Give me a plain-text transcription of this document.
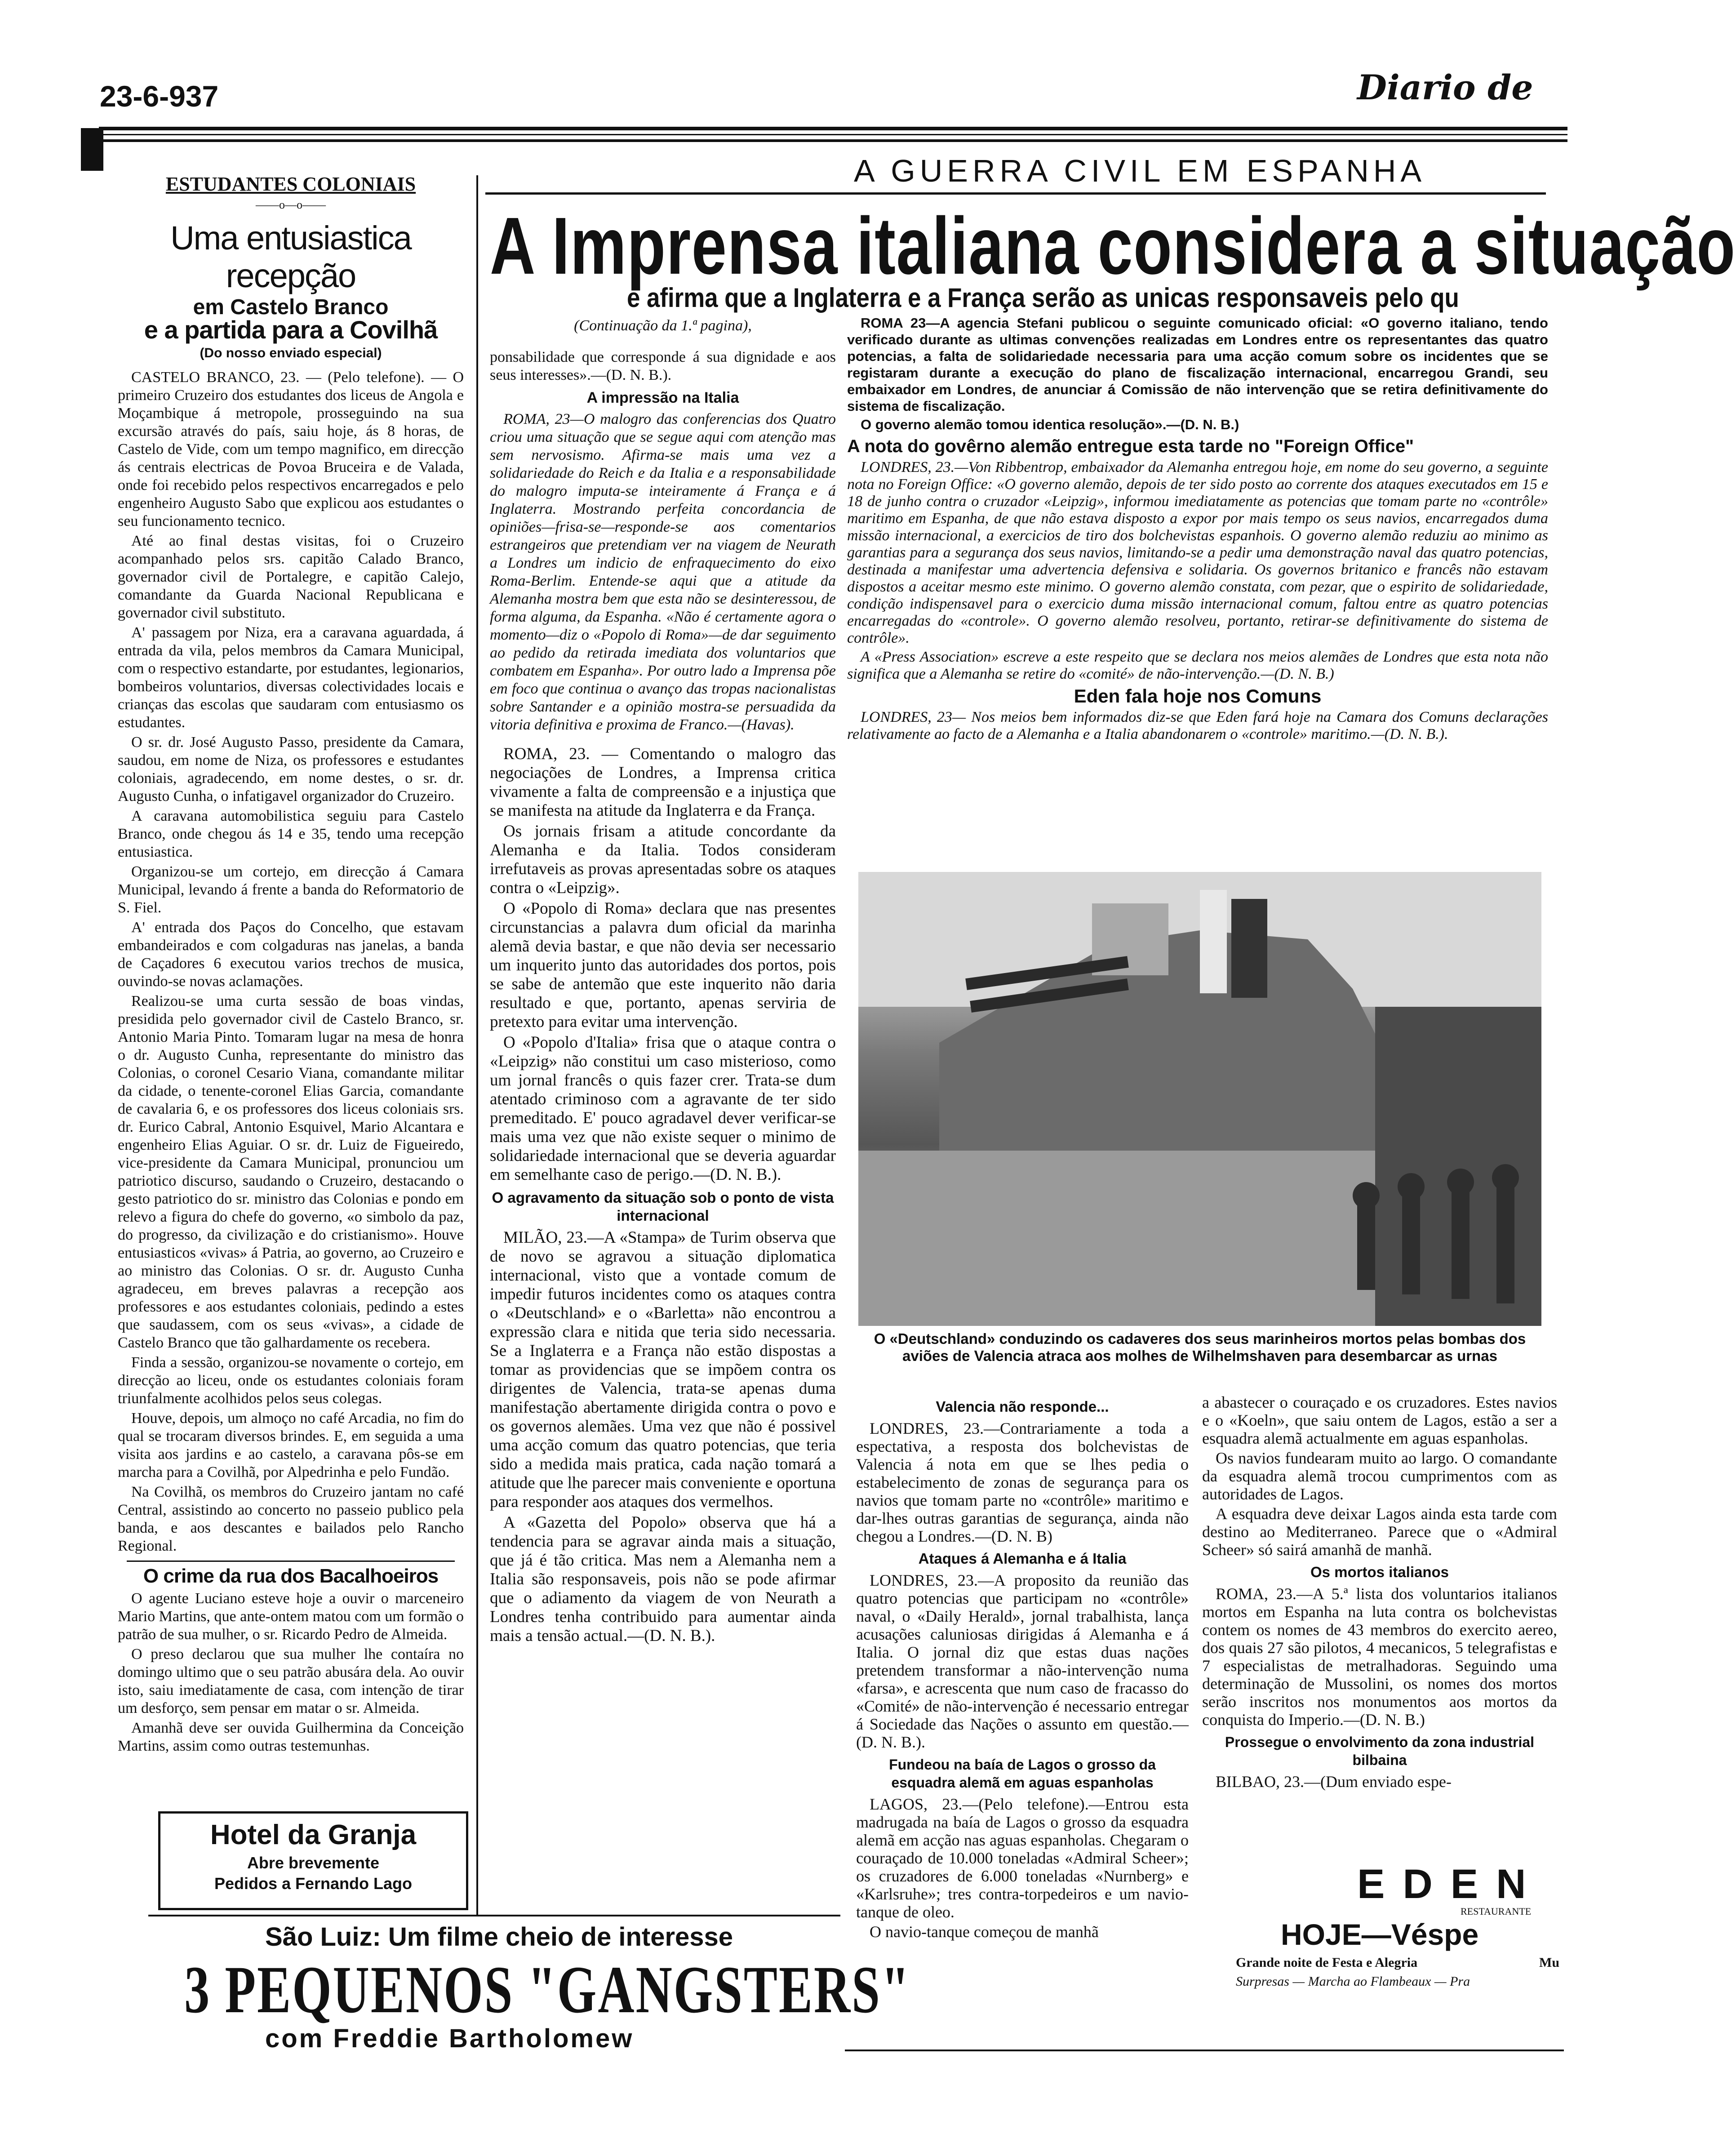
23-6-937	Diario de
ESTUDANTES COLONIAIS
——o—o——
Uma entusiastica recepção
em Castelo Branco
e a partida para a Covilhã
(Do nosso enviado especial)

CASTELO BRANCO, 23. — (Pelo telefone). — O primeiro Cruzeiro dos estudantes dos liceus de Angola e Moçambique á metropole, prosseguindo na sua excursão através do país, saiu hoje, ás 8 horas, de Castelo de Vide, com um tempo magnifico, em direcção ás centrais electricas de Povoa Bruceira e de Valada, onde foi recebido pelos respectivos encarregados e pelo engenheiro Augusto Sabo que explicou aos estudantes o seu funcionamento tecnico.

Até ao final destas visitas, foi o Cruzeiro acompanhado pelos srs. capitão Calado Branco, governador civil de Portalegre, e capitão Calejo, comandante da Guarda Nacional Republicana e governador civil substituto.

A' passagem por Niza, era a caravana aguardada, á entrada da vila, pelos membros da Camara Municipal, com o respectivo estandarte, por estudantes, legionarios, bombeiros voluntarios, diversas colectividades locais e crianças das escolas que saudaram com entusiasmo os estudantes.

O sr. dr. José Augusto Passo, presidente da Camara, saudou, em nome de Niza, os professores e estudantes coloniais, agradecendo, em nome destes, o sr. dr. Augusto Cunha, o infatigavel organizador do Cruzeiro.

A caravana automobilistica seguiu para Castelo Branco, onde chegou ás 14 e 35, tendo uma recepção entusiastica.

Organizou-se um cortejo, em direcção á Camara Municipal, levando á frente a banda do Reformatorio de S. Fiel.

A' entrada dos Paços do Concelho, que estavam embandeirados e com colgaduras nas janelas, a banda de Caçadores 6 executou varios trechos de musica, ouvindo-se novas aclamações.

Realizou-se uma curta sessão de boas vindas, presidida pelo governador civil de Castelo Branco, sr. Antonio Maria Pinto. Tomaram lugar na mesa de honra o dr. Augusto Cunha, representante do ministro das Colonias, o coronel Cesario Viana, comandante militar da cidade, o tenente-coronel Elias Garcia, comandante de cavalaria 6, e os professores dos liceus coloniais srs. dr. Eurico Cabral, Antonio Esquivel, Mario Alcantara e engenheiro Elias Aguiar. O sr. dr. Luiz de Figueiredo, vice-presidente da Camara Municipal, pronunciou um patriotico discurso, saudando o Cruzeiro, destacando o gesto patriotico do sr. ministro das Colonias e pondo em relevo a figura do chefe do governo, «o simbolo da paz, do progresso, da civilização e do cristianismo». Houve entusiasticos «vivas» á Patria, ao governo, ao Cruzeiro e ao ministro das Colonias. O sr. dr. Augusto Cunha agradeceu, em breves palavras a recepção aos professores e aos estudantes coloniais, pedindo a estes que saudassem, com os seus «vivas», a cidade de Castelo Branco que tão galhardamente os recebera.

Finda a sessão, organizou-se novamente o cortejo, em direcção ao liceu, onde os estudantes coloniais foram triunfalmente acolhidos pelos seus colegas.

Houve, depois, um almoço no café Arcadia, no fim do qual se trocaram diversos brindes. E, em seguida a uma visita aos jardins e ao castelo, a caravana pôs-se em marcha para a Covilhã, por Alpedrinha e pelo Fundão.

Na Covilhã, os membros do Cruzeiro jantam no café Central, assistindo ao concerto no passeio publico pela banda, e aos descantes e bailados pelo Rancho Regional.

O crime da rua dos Bacalhoeiros

O agente Luciano esteve hoje a ouvir o marceneiro Mario Martins, que ante-ontem matou com um formão o patrão de sua mulher, o sr. Ricardo Pedro de Almeida.

O preso declarou que sua mulher lhe contaíra no domingo ultimo que o seu patrão abusára dela. Ao ouvir isto, saiu imediatamente de casa, com intenção de tirar um desforço, sem pensar em matar o sr. Almeida.

Amanhã deve ser ouvida Guilhermina da Conceição Martins, assim como outras testemunhas.

Hotel da Granja
Abre brevemente
Pedidos a Fernando Lago
A GUERRA CIVIL EM ESPANHA
A Imprensa italiana considera a situação
e afirma que a Inglaterra e a França serão as unicas responsaveis pelo qu
(Continuação da 1.ª pagina),

ponsabilidade que corresponde á sua dignidade e aos seus interesses».—(D. N. B.).

A impressão na Italia

ROMA, 23—O malogro das conferencias dos Quatro criou uma situação que se segue aqui com atenção mas sem nervosismo. Afirma-se mais uma vez a solidariedade do Reich e da Italia e a responsabilidade do malogro imputa-se inteiramente á França e á Inglaterra. Mostrando perfeita concordancia de opiniões—frisa-se—responde-se aos comentarios estrangeiros que pretendiam ver na viagem de Neurath a Londres um indicio de enfraquecimento do eixo Roma-Berlim. Entende-se aqui que a atitude da Alemanha mostra bem que esta não se desinteressou, de forma alguma, da Espanha. «Não é certamente agora o momento—diz o «Popolo di Roma»—de dar seguimento ao pedido da retirada imediata dos voluntarios que combatem em Espanha». Por outro lado a Imprensa põe em foco que continua o avanço das tropas nacionalistas sobre Santander e a opinião mostra-se persuadida da vitoria definitiva e proxima de Franco.—(Havas).

ROMA, 23. — Comentando o malogro das negociações de Londres, a Imprensa critica vivamente a falta de compreensão e a injustiça que se manifesta na atitude da Inglaterra e da França.

Os jornais frisam a atitude concordante da Alemanha e da Italia. Todos consideram irrefutaveis as provas apresentadas sobre os ataques contra o «Leipzig».

O «Popolo di Roma» declara que nas presentes circunstancias a palavra dum oficial da marinha alemã devia bastar, e que não devia ser necessario um inquerito junto das autoridades dos portos, pois se sabe de antemão que este inquerito não daria resultado e que, portanto, apenas serviria de pretexto para evitar uma intervenção.

O «Popolo d'Italia» frisa que o ataque contra o «Leipzig» não constitui um caso misterioso, como um jornal francês o quis fazer crer. Trata-se dum atentado criminoso com a agravante de ter sido premeditado. E' pouco agradavel dever verificar-se mais uma vez que não existe sequer o minimo de solidariedade internacional que se deveria aguardar em semelhante caso de perigo.—(D. N. B.).

O agravamento da situação sob o ponto de vista internacional

MILÃO, 23.—A «Stampa» de Turim observa que de novo se agravou a situação diplomatica internacional, visto que a vontade comum de impedir futuros incidentes como os ataques contra o «Deutschland» e o «Barletta» não encontrou a expressão clara e nitida que teria sido necessaria. Se a Inglaterra e a França não estão dispostas a tomar as providencias que se impõem contra os dirigentes de Valencia, trata-se apenas duma manifestação abertamente dirigida contra o povo e os governos alemães. Uma vez que não é possivel uma acção comum das quatro potencias, que teria sido a medida mais pratica, cada nação tomará a atitude que lhe parecer mais conveniente e oportuna para responder aos ataques dos vermelhos.

A «Gazetta del Popolo» observa que há a tendencia para se agravar ainda mais a situação, que já é tão critica. Mas nem a Alemanha nem a Italia são responsaveis, pois não se pode afirmar que o adiamento da viagem de von Neurath a Londres tenha contribuido para aumentar ainda mais a tensão actual.—(D. N. B.).

ROMA 23—A agencia Stefani publicou o seguinte comunicado oficial: «O governo italiano, tendo verificado durante as ultimas convenções realizadas em Londres entre os representantes das quatro potencias, a falta de solidariedade necessaria para uma acção comum sobre os incidentes que se registaram durante a execução do plano de fiscalização internacional, encarregou Grandi, seu embaixador em Londres, de anunciar á Comissão de não intervenção que se retira definitivamente do sistema de fiscalização.

O governo alemão tomou identica resolução».—(D. N. B.)

A nota do govêrno alemão entregue esta tarde no "Foreign Office"

LONDRES, 23.—Von Ribbentrop, embaixador da Alemanha entregou hoje, em nome do seu governo, a seguinte nota no Foreign Office: «O governo alemão, depois de ter sido posto ao corrente dos ataques executados em 15 e 18 de junho contra o cruzador «Leipzig», informou imediatamente as potencias que tomam parte no «contrôle» maritimo em Espanha, de que não estava disposto a expor por mais tempo os seus navios, encarregados duma missão internacional, a exercicios de tiro dos bolchevistas espanhois. O governo alemão reduziu ao minimo as garantias para a segurança dos seus navios, limitando-se a pedir uma demonstração naval das quatro potencias, destinada a manifestar uma advertencia defensiva e solidaria. Os governos britanico e francês não estavam dispostos a aceitar mesmo este minimo. O governo alemão constata, com pezar, que o espirito de solidariedade, condição indispensavel para o exercicio duma missão internacional comum, faltou entre as quatro potencias encarregadas do «controle». O governo alemão resolveu, portanto, retirar-se definitivamente do sistema de contrôle».

A «Press Association» escreve a este respeito que se declara nos meios alemães de Londres que esta nota não significa que a Alemanha se retire do «comité» de não-intervenção.—(D. N. B.)

Eden fala hoje nos Comuns

LONDRES, 23— Nos meios bem informados diz-se que Eden fará hoje na Camara dos Comuns declarações relativamente ao facto de a Alemanha e a Italia abandonarem o «controle» maritimo.—(D. N. B.).

O «Deutschland» conduzindo os cadaveres dos seus marinheiros mortos pelas bombas dos aviões de Valencia atraca aos molhes de Wilhelmshaven para desembarcar as urnas
Valencia não responde...

LONDRES, 23.—Contrariamente a toda a espectativa, a resposta dos bolchevistas de Valencia á nota em que se lhes pedia o estabelecimento de zonas de segurança para os navios que tomam parte no «contrôle» maritimo e dar-lhes outras garantias de segurança, ainda não chegou a Londres.—(D. N. B)

Ataques á Alemanha e á Italia

LONDRES, 23.—A proposito da reunião das quatro potencias que participam no «contrôle» naval, o «Daily Herald», jornal trabalhista, lança acusações caluniosas dirigidas á Alemanha e á Italia. O jornal diz que estas duas nações pretendem transformar a não-intervenção numa «farsa», e acrescenta que num caso de fracasso do «Comité» de não-intervenção é necessario entregar á Sociedade das Nações o assunto em questão.—(D. N. B.).

Fundeou na baía de Lagos o grosso da esquadra alemã em aguas espanholas

LAGOS, 23.—(Pelo telefone).—Entrou esta madrugada na baía de Lagos o grosso da esquadra alemã em acção nas aguas espanholas. Chegaram o couraçado de 10.000 toneladas «Admiral Scheer»; os cruzadores de 6.000 toneladas «Nurnberg» e «Karlsruhe»; tres contra-torpedeiros e um navio-tanque de oleo.

O navio-tanque começou de manhã

a abastecer o couraçado e os cruzadores. Estes navios e o «Koeln», que saiu ontem de Lagos, estão a ser a esquadra alemã actualmente em aguas espanholas.

Os navios fundearam muito ao largo. O comandante da esquadra alemã trocou cumprimentos com as autoridades de Lagos.

A esquadra deve deixar Lagos ainda esta tarde com destino ao Mediterraneo. Parece que o «Admiral Scheer» só sairá amanhã de manhã.

Os mortos italianos

ROMA, 23.—A 5.ª lista dos voluntarios italianos mortos em Espanha na luta contra os bolchevistas contem os nomes de 43 membros do exercito aereo, dos quais 27 são pilotos, 4 mecanicos, 5 telegrafistas e 7 especialistas de metralhadoras. Seguindo uma determinação de Mussolini, os nomes dos mortos serão inscritos nos monumentos aos mortos da conquista do Imperio.—(D. N. B.)

Prossegue o envolvimento da zona industrial bilbaina

BILBAO, 23.—(Dum enviado espe-

EDEN
RESTAURANTE
HOJE—Véspe
Grande noite de Festa e Alegria	Mu
Surpresas — Marcha ao Flambeaux — Pra
São Luiz: Um filme cheio de interesse
3 PEQUENOS "GANGSTERS"
com Freddie Bartholomew
